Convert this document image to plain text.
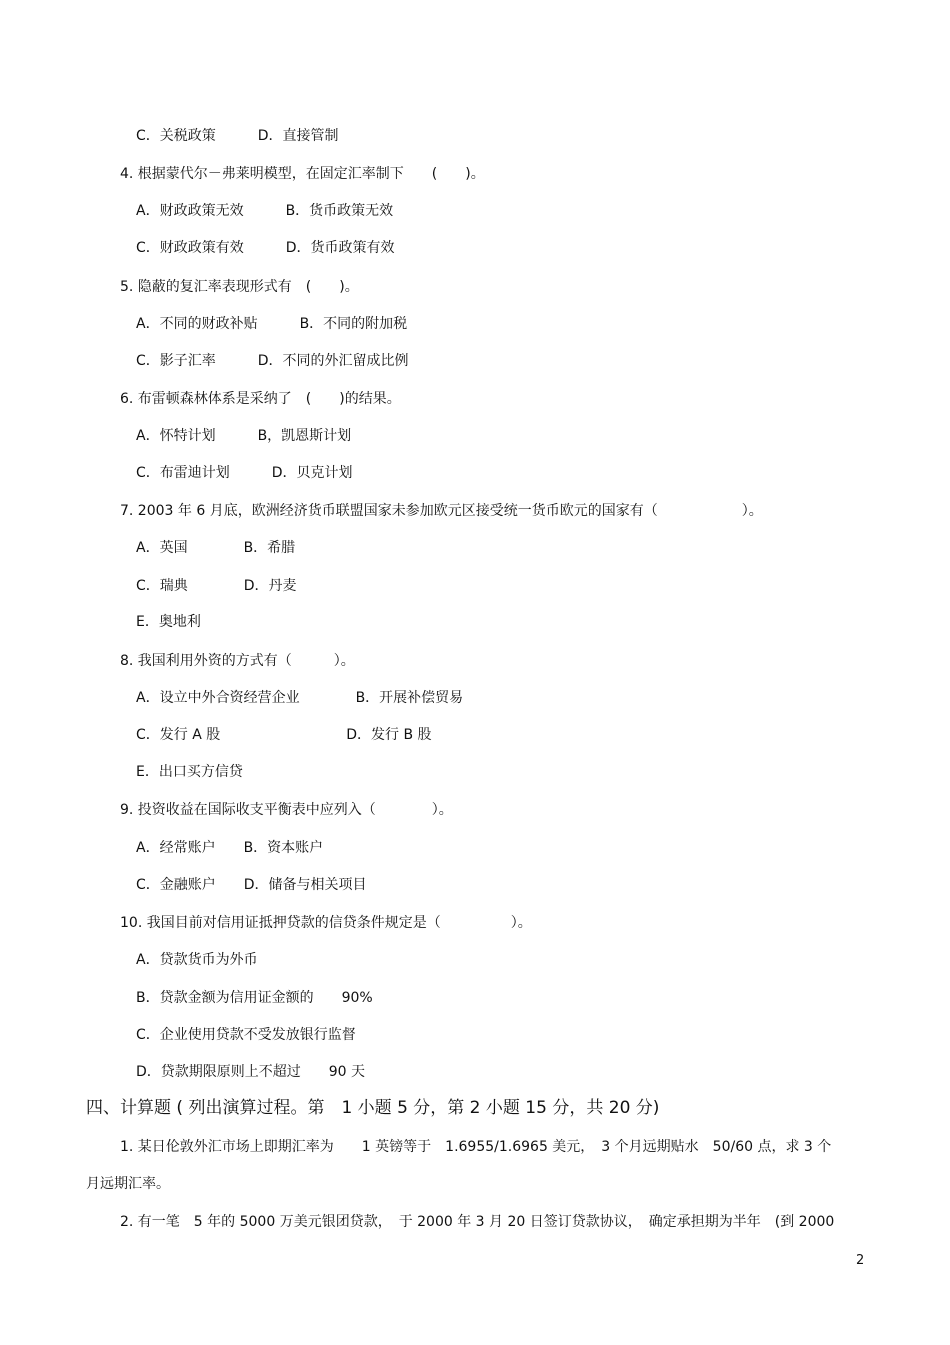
C．关税政策　　　D．直接管制
4. 根据蒙代尔－弗莱明模型，在固定汇率制下　　(　　)。
A．财政政策无效　　　B．货币政策无效
C．财政政策有效　　　D．货币政策有效
5. 隐蔽的复汇率表现形式有　(　　)。
A．不同的财政补贴　　　B．不同的附加税
C．影子汇率　　　D．不同的外汇留成比例
6. 布雷顿森林体系是采纳了　(　　)的结果。
A．怀特计划　　　B，凯恩斯计划
C．布雷迪计划　　　D．贝克计划
7. 2003 年 6 月底，欧洲经济货币联盟国家未参加欧元区接受统一货币欧元的国家有（　　　　　　）。
A．英国　　　　B．希腊
C．瑞典　　　　D．丹麦
E．奥地利
8. 我国利用外资的方式有（　　　）。
A．设立中外合资经营企业　　　　B．开展补偿贸易
C．发行 A 股　　　　　　　　　D．发行 B 股
E．出口买方信贷
9. 投资收益在国际收支平衡表中应列入（　　　　）。
A．经常账户　　B．资本账户
C．金融账户　　D．储备与相关项目
10. 我国目前对信用证抵押贷款的信贷条件规定是（　　　　　）。
A．贷款货币为外币
B．贷款金额为信用证金额的　　90%
C．企业使用贷款不受发放银行监督
D．贷款期限原则上不超过　　90 天
四、计算题 ( 列出演算过程。第　1 小题 5 分，第 2 小题 15 分，共 20 分)
1. 某日伦敦外汇市场上即期汇率为　　1 英镑等于　1.6955/1.6965 美元，　3 个月远期贴水　50/60 点，求 3 个
月远期汇率。
2. 有一笔　5 年的 5000 万美元银团贷款，　于 2000 年 3 月 20 日签订贷款协议，　确定承担期为半年　(到 2000
2
